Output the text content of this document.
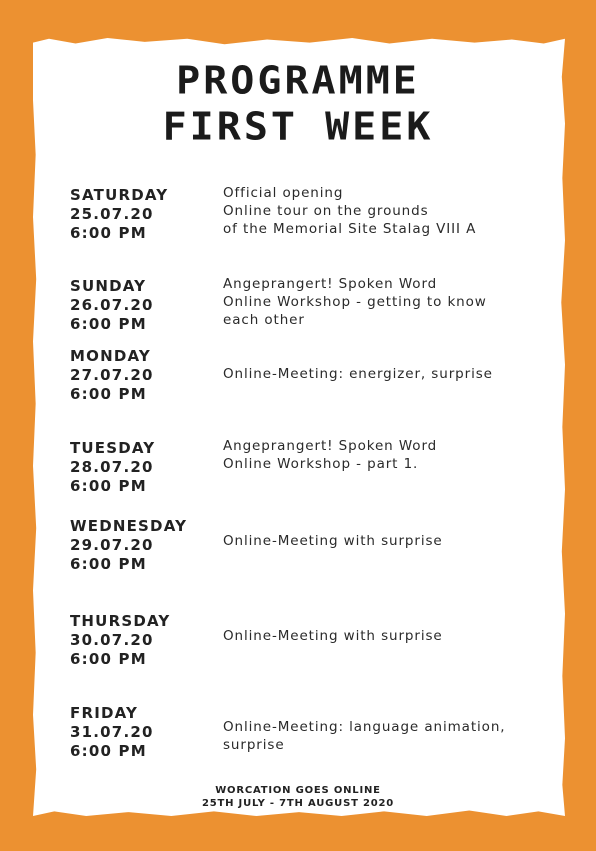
PROGRAMME
FIRST WEEK
SATURDAY
25.07.20
6:00 PM
Official opening
Online tour on the grounds
of the Memorial Site Stalag VIII A
SUNDAY
26.07.20
6:00 PM
Angeprangert! Spoken Word
Online Workshop - getting to know
each other
MONDAY
27.07.20
6:00 PM
Online-Meeting: energizer, surprise
TUESDAY
28.07.20
6:00 PM
Angeprangert! Spoken Word
Online Workshop - part 1.
WEDNESDAY
29.07.20
6:00 PM
Online-Meeting with surprise
THURSDAY
30.07.20
6:00 PM
Online-Meeting with surprise
FRIDAY
31.07.20
6:00 PM
Online-Meeting: language animation,
surprise
WORCATION GOES ONLINE
25TH JULY - 7TH AUGUST 2020
